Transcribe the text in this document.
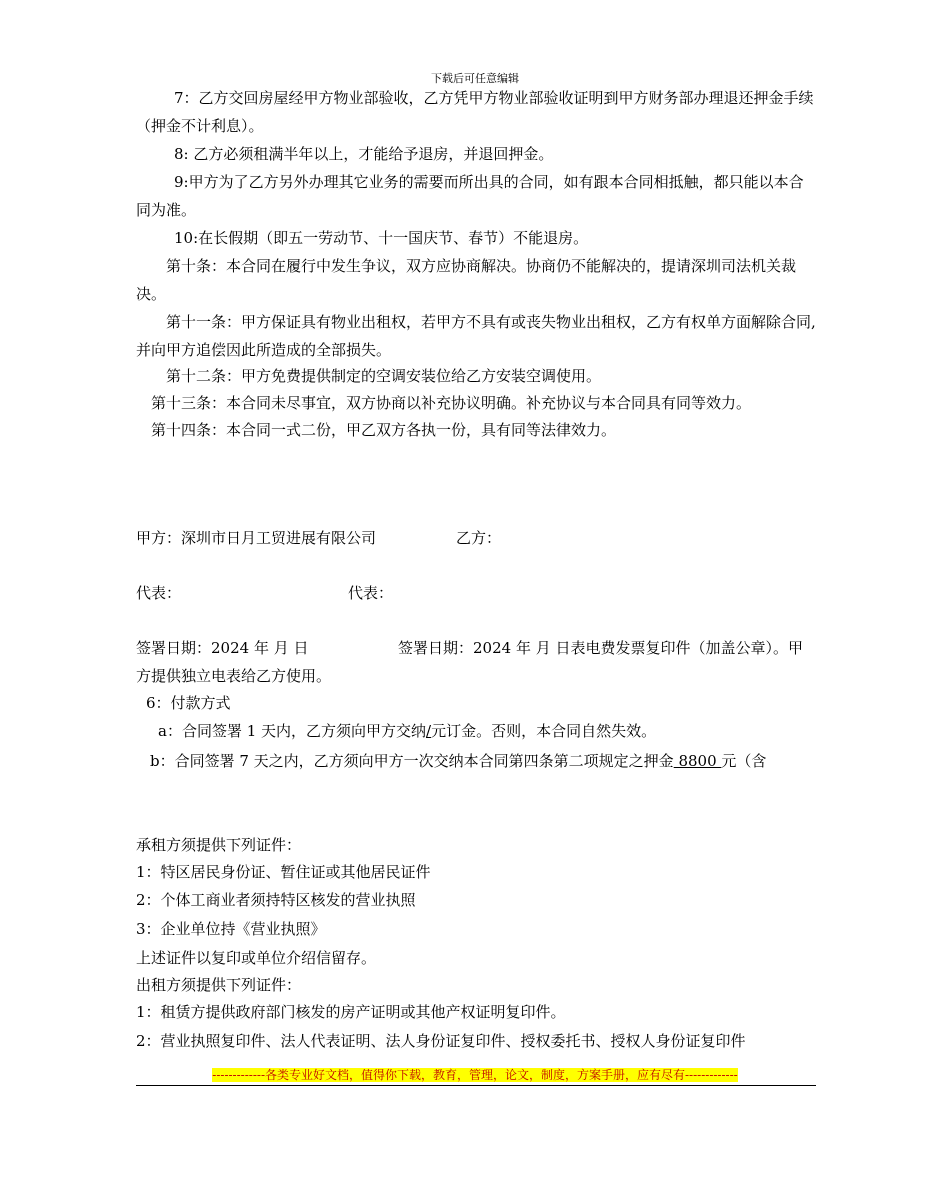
下载后可任意编辑
7：乙方交回房屋经甲方物业部验收，乙方凭甲方物业部验收证明到甲方财务部办理退还押金手续（押金不计利息）。
8: 乙方必须租满半年以上，才能给予退房，并退回押金。
9:甲方为了乙方另外办理其它业务的需要而所出具的合同，如有跟本合同相抵触，都只能以本合同为准。
10:在长假期（即五一劳动节、十一国庆节、春节）不能退房。
第十条：本合同在履行中发生争议，双方应协商解决。协商仍不能解决的，提请深圳司法机关裁决。
第十一条：甲方保证具有物业出租权，若甲方不具有或丧失物业出租权，乙方有权单方面解除合同, 并向甲方追偿因此所造成的全部损失。
第十二条：甲方免费提供制定的空调安装位给乙方安装空调使用。
第十三条：本合同未尽事宜，双方协商以补充协议明确。补充协议与本合同具有同等效力。
第十四条：本合同一式二份，甲乙双方各执一份，具有同等法律效力。
甲方：深圳市日月工贸进展有限公司	乙方：
代表：	代表：
签署日期：2024 年 月 日	签署日期：2024 年 月 日表电费发票复印件（加盖公章）。甲方提供独立电表给乙方使用。
6：付款方式
a：合同签署 1 天内，乙方须向甲方交纳/元订金。否则，本合同自然失效。
b：合同签署 7 天之内，乙方须向甲方一次交纳本合同第四条第二项规定之押金 8800 元（含
承租方须提供下列证件：
1：特区居民身份证、暂住证或其他居民证件
2：个体工商业者须持特区核发的营业执照
3：企业单位持《营业执照》
上述证件以复印或单位介绍信留存。
出租方须提供下列证件：
1：租赁方提供政府部门核发的房产证明或其他产权证明复印件。
2：营业执照复印件、法人代表证明、法人身份证复印件、授权委托书、授权人身份证复印件
-------------各类专业好文档，值得你下载，教育，管理，论文，制度，方案手册，应有尽有-------------
